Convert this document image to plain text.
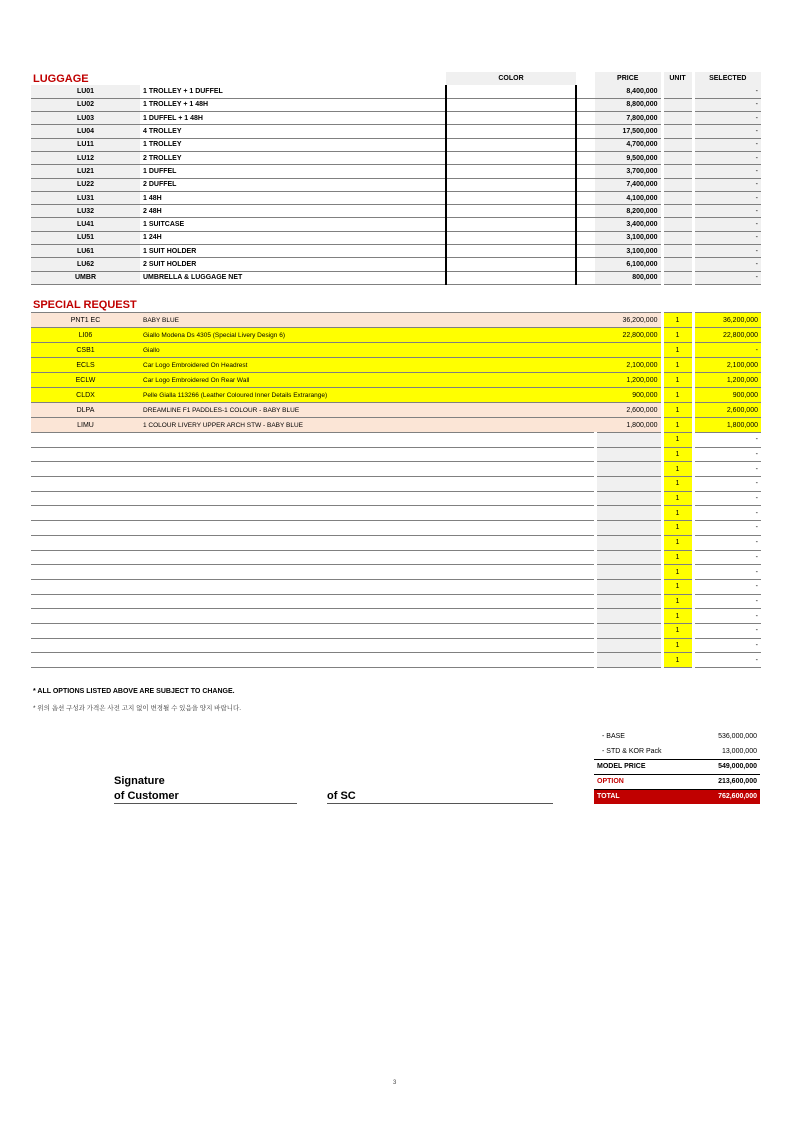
		COLOR		PRICE	UNIT	SELECTED
LU01	1 TROLLEY + 1 DUFFEL			8,400,000		-
LU02	1 TROLLEY + 1 48H			8,800,000		-
LU03	1 DUFFEL + 1 48H			7,800,000		-
LU04	4 TROLLEY			17,500,000		-
LU11	1 TROLLEY			4,700,000		-
LU12	2 TROLLEY			9,500,000		-
LU21	1 DUFFEL			3,700,000		-
LU22	2 DUFFEL			7,400,000		-
LU31	1 48H			4,100,000		-
LU32	2 48H			8,200,000		-
LU41	1 SUITCASE			3,400,000		-
LU51	1 24H			3,100,000		-
LU61	1 SUIT HOLDER			3,100,000		-
LU62	2 SUIT HOLDER			6,100,000		-
UMBR	UMBRELLA & LUGGAGE NET			800,000		-
LUGGAGE
PNT1 EC	BABY BLUE	36,200,000	1	36,200,000
LI06	Giallo Modena Ds 4305 (Special Livery Design 6)	22,800,000	1	22,800,000
CSB1	Giallo		1	-
ECLS	Car Logo Embroidered On Headrest	2,100,000	1	2,100,000
ECLW	Car Logo Embroidered On Rear Wall	1,200,000	1	1,200,000
CLDX	Pelle Gialla 113266 (Leather Coloured Inner Details Extrarange)	900,000	1	900,000
DLPA	DREAMLINE F1 PADDLES-1 COLOUR - BABY BLUE	2,600,000	1	2,600,000
LIMU	1 COLOUR LIVERY UPPER ARCH STW - BABY BLUE	1,800,000	1	1,800,000
			1	-
			1	-
			1	-
			1	-
			1	-
			1	-
			1	-
			1	-
			1	-
			1	-
			1	-
			1	-
			1	-
			1	-
			1	-
			1	-
SPECIAL REQUEST
* ALL OPTIONS LISTED ABOVE ARE SUBJECT TO CHANGE.
* 위의 옵션 구성과 가격은 사전 고지 없이 변경될 수 있음을 양지 바랍니다.
Signature
of Customer	of SC
- BASE	536,000,000
- STD & KOR Pack	13,000,000
MODEL PRICE	549,000,000
OPTION	213,600,000
TOTAL	762,600,000
3
